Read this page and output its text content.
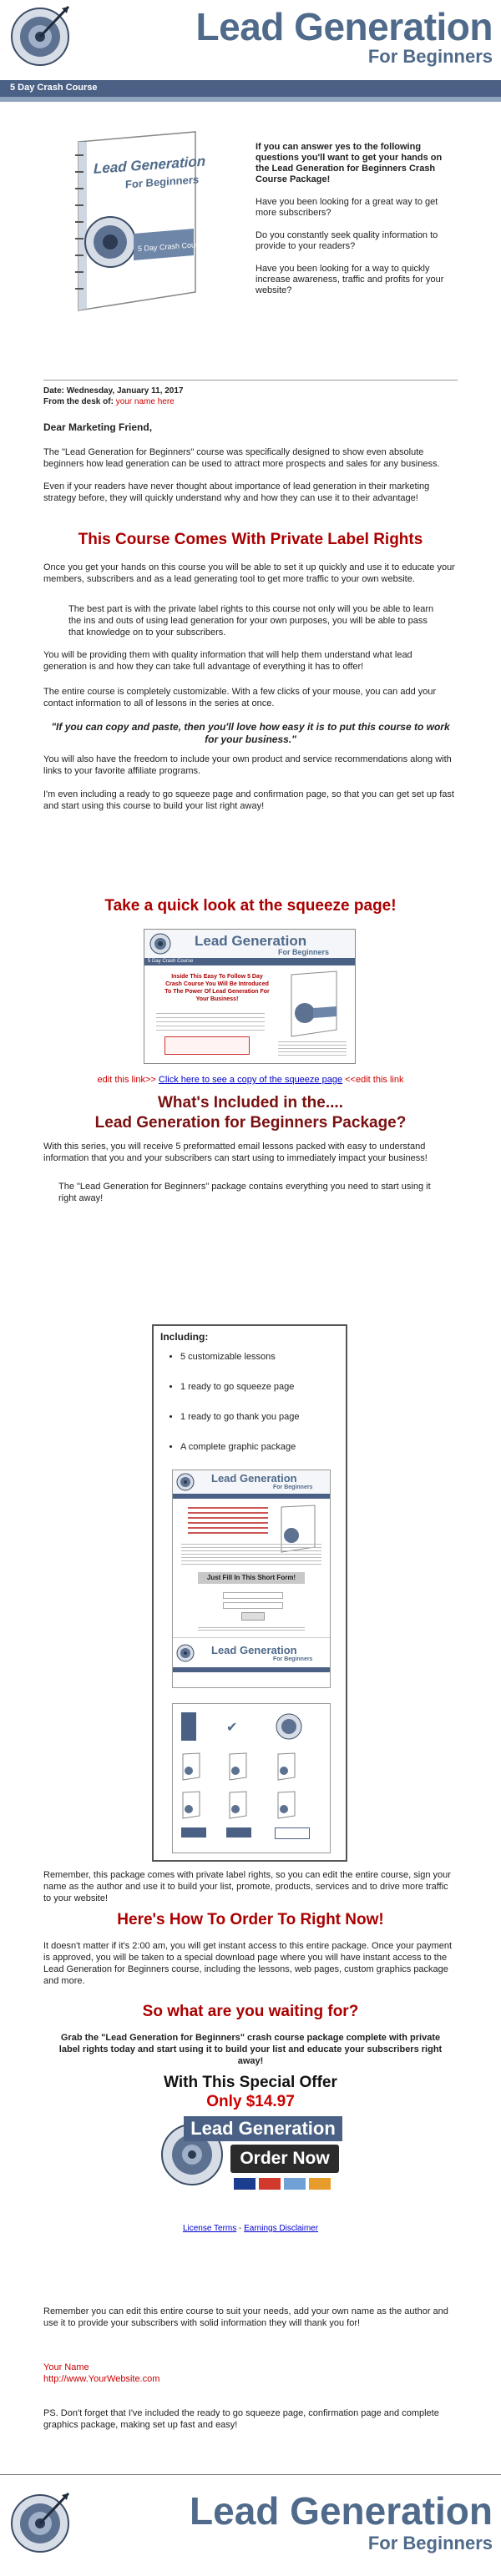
Lead Generation
For Beginners
5 Day Crash Course
Lead Generation
For Beginners
5 Day Crash Course

If you can answer yes to the following questions you'll want to get your hands on the Lead Generation for Beginners Crash Course Package!

Have you been looking for a great way to get more subscribers?

Do you constantly seek quality information to provide to your readers?

Have you been looking for a way to quickly increase awareness, traffic and profits for your website?

Date: Wednesday, January 11, 2017
From the desk of: your name here
Dear Marketing Friend,

The "Lead Generation for Beginners" course was specifically designed to show even absolute beginners how lead generation can be used to attract more prospects and sales for any business.

Even if your readers have never thought about importance of lead generation in their marketing strategy before, they will quickly understand why and how they can use it to their advantage!

This Course Comes With Private Label Rights
Once you get your hands on this course you will be able to set it up quickly and use it to educate your members, subscribers and as a lead generating tool to get more traffic to your own website.
The best part is with the private label rights to this course not only will you be able to learn the ins and outs of using lead generation for your own purposes, you will be able to pass that knowledge on to your subscribers.
You will be providing them with quality information that will help them understand what lead generation is and how they can take full advantage of everything it has to offer!
The entire course is completely customizable. With a few clicks of your mouse, you can add your contact information to all of lessons in the series at once.
"If you can copy and paste, then you'll love how easy it is to put this course to work for your business."
You will also have the freedom to include your own product and service recommendations along with links to your favorite affiliate programs.
I'm even including a ready to go squeeze page and confirmation page, so that you can get set up fast and start using this course to build your list right away!
Take a quick look at the squeeze page!
Lead Generation
For Beginners
5 Day Crash Course
Inside This Easy To Follow 5 Day Crash Course You Will Be Introduced To The Power Of Lead Generation For Your Business!
edit this link>> Click here to see a copy of the squeeze page <<edit this link
What's Included in the....
Lead Generation for Beginners Package?
With this series, you will receive 5 preformatted email lessons packed with easy to understand information that you and your subscribers can start using to immediately impact your business!
The "Lead Generation for Beginners" package contains everything you need to start using it right away!
Including:
• 5 customizable lessons
• 1 ready to go squeeze page
• 1 ready to go thank you page
• A complete graphic package
Lead Generation
For Beginners
Just Fill In This Short Form!
Lead Generation
For Beginners
✔
Remember, this package comes with private label rights, so you can edit the entire course, sign your name as the author and use it to build your list, promote, products, services and to drive more traffic to your website!
Here's How To Order To Right Now!
It doesn't matter if it's 2:00 am, you will get instant access to this entire package. Once your payment is approved, you will be taken to a special download page where you will have instant access to the Lead Generation for Beginners course, including the lessons, web pages, custom graphics package and more.
So what are you waiting for?
Grab the "Lead Generation for Beginners" crash course package complete with private label rights today and start using it to build your list and educate your subscribers right away!
With This Special Offer
Only $14.97
Lead Generation
Order Now
License Terms - Earnings Disclaimer
Remember you can edit this entire course to suit your needs, add your own name as the author and use it to provide your subscribers with solid information they will thank you for!
Your Name
http://www.YourWebsite.com
PS. Don't forget that I've included the ready to go squeeze page, confirmation page and complete graphics package, making set up fast and easy!
Lead Generation
For Beginners
